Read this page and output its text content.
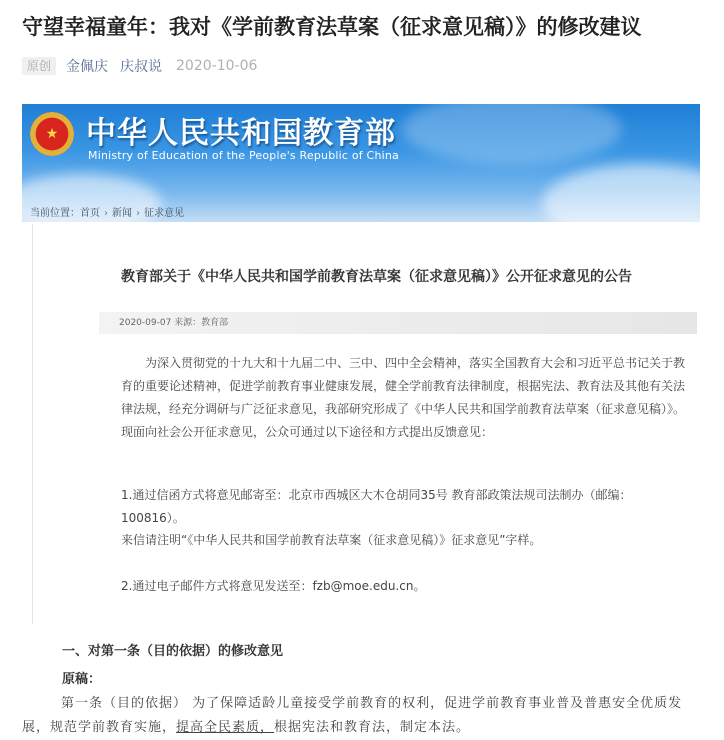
守望幸福童年：我对《学前教育法草案（征求意见稿）》的修改建议
原创	金佩庆 庆叔说 2020-10-06
★ 中华人民共和国教育部
Ministry of Education of the People's Republic of China
当前位置：首页 › 新闻 › 征求意见
教育部关于《中华人民共和国学前教育法草案（征求意见稿）》公开征求意见的公告
2020-09-07 来源：教育部

为深入贯彻党的十九大和十九届二中、三中、四中全会精神，落实全国教育大会和习近平总书记关于教育的重要论述精神，促进学前教育事业健康发展，健全学前教育法律制度，根据宪法、教育法及其他有关法律法规，经充分调研与广泛征求意见，我部研究形成了《中华人民共和国学前教育法草案（征求意见稿）》。现面向社会公开征求意见，公众可通过以下途径和方式提出反馈意见：

1.通过信函方式将意见邮寄至：北京市西城区大木仓胡同35号 教育部政策法规司法制办（邮编：100816）。

来信请注明“《中华人民共和国学前教育法草案（征求意见稿）》征求意见”字样。

2.通过电子邮件方式将意见发送至：fzb@moe.edu.cn。

一、对第一条（目的依据）的修改意见
原稿：

第一条（目的依据） 为了保障适龄儿童接受学前教育的权利，促进学前教育事业普及普惠安全优质发展，规范学前教育实施，提高全民素质，根据宪法和教育法，制定本法。
